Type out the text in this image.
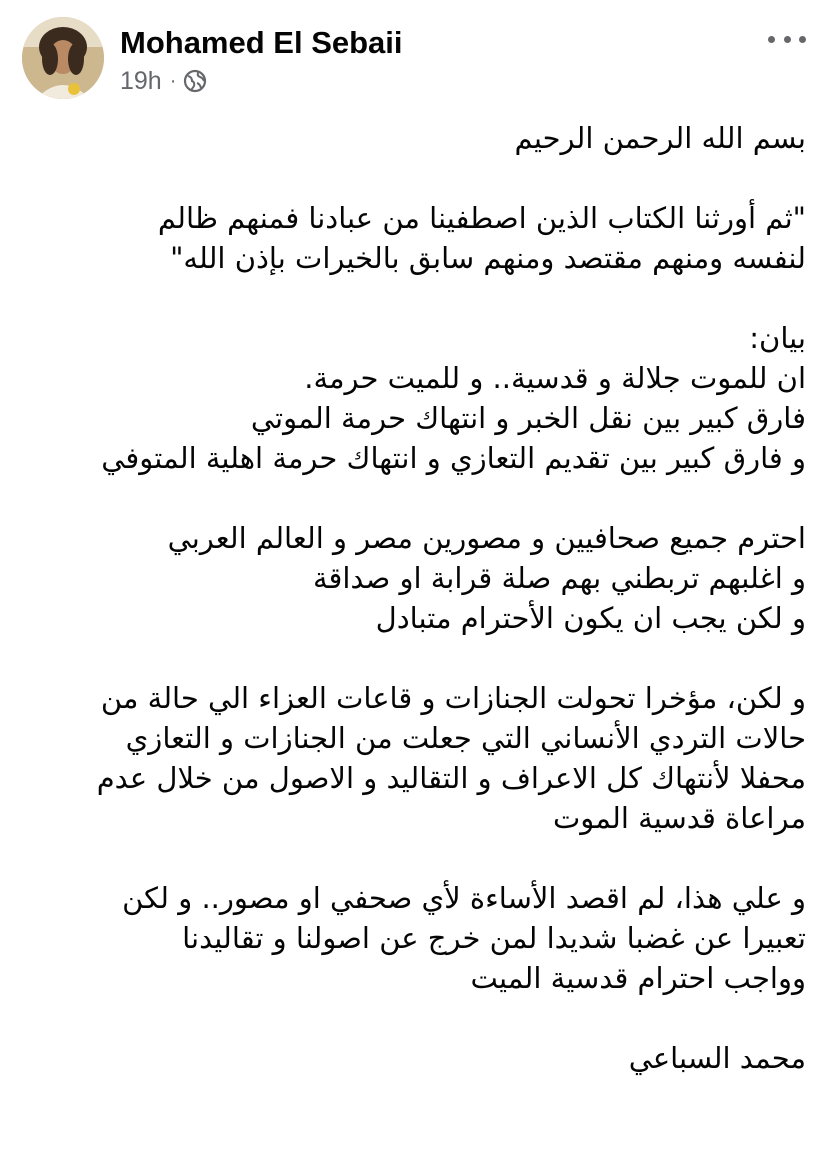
Mohamed El Sebaii
19h ·

بسم الله الرحمن الرحيم

"ثم أورثنا الكتاب الذين اصطفينا من عبادنا فمنهم ظالم

لنفسه ومنهم مقتصد ومنهم سابق بالخيرات بإذن الله"

بيان:

ان للموت جلالة و قدسية.. و للميت حرمة.

فارق كبير بين نقل الخبر و انتهاك حرمة الموتي

و فارق كبير بين تقديم التعازي و انتهاك حرمة اهلية المتوفي

احترم جميع صحافيين و مصورين مصر و العالم العربي

و اغلبهم تربطني بهم صلة قرابة او صداقة

و لكن يجب ان يكون الأحترام متبادل

و لكن، مؤخرا تحولت الجنازات و قاعات العزاء الي حالة من

حالات التردي الأنساني التي جعلت من الجنازات و التعازي

محفلا لأنتهاك كل الاعراف و التقاليد و الاصول من خلال عدم

مراعاة قدسية الموت

و علي هذا، لم اقصد الأساءة لأي صحفي او مصور.. و لكن

تعبيرا عن غضبا شديدا لمن خرج عن اصولنا و تقاليدنا

وواجب احترام قدسية الميت

محمد السباعي
